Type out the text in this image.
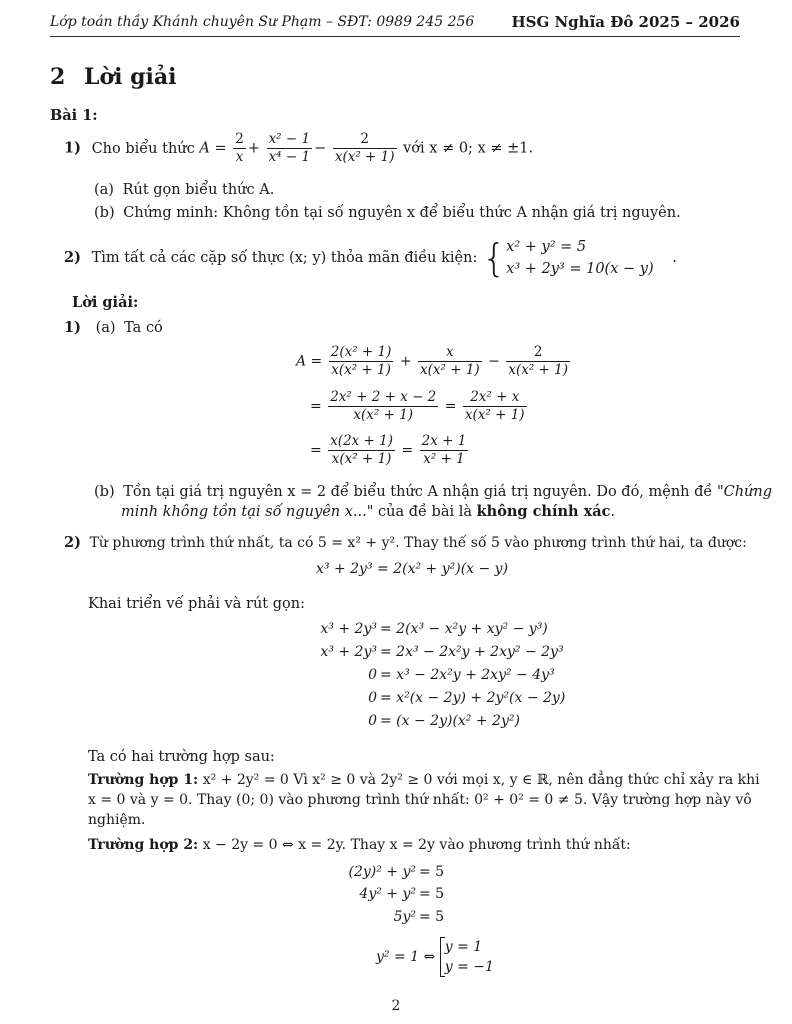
Lớp toán thầy Khánh chuyên Sư Phạm – SĐT: 0989 245 256 HSG Nghĩa Đô 2025 – 2026
2 Lời giải
Bài 1:
1) Cho biểu thức $A = \frac{2}{x} + \frac{\text{x² − 1}}{\text{x⁴ − 1}} - \frac{2}{\text{x(x² + 1)}}$ với x ≠ 0; x ≠ ±1.
(a) Rút gọn biểu thức A.
(b) Chứng minh: Không tồn tại số nguyên x để biểu thức A nhận giá trị nguyên.
2) Tìm tất cả các cặp số thực (x; y) thỏa mãn điều kiện: { x² + y² = 5
x³ + 2y³ = 10(x − y)
.
Lời giải:
1) (a) Ta có
$A = \frac{\text{2(x² + 1)}}{\text{x(x² + 1)}} + \frac{x}{\text{x(x² + 1)}} - \frac{2}{\text{x(x² + 1)}}$
= $\frac{\text{2x² + 2 + x − 2}}{\text{x(x² + 1)}} = \frac{\text{2x² + x}}{\text{x(x² + 1)}}$
= $\frac{x(2x + 1)}{\text{x(x² + 1)}} = \frac{2x + 1}{\text{x² + 1}}$
(b) Tồn tại giá trị nguyên x = 2 để biểu thức A nhận giá trị nguyên. Do đó, mệnh đề "Chứng
minh không tồn tại số nguyên x..." của đề bài là không chính xác.
2) Từ phương trình thứ nhất, ta có 5 = x² + y². Thay thế số 5 vào phương trình thứ hai, ta được:
x³ + 2y³ = 2(x² + y²)(x − y)
Khai triển vế phải và rút gọn:
x³ + 2y³ = 2(x³ − x²y + xy² − y³)
x³ + 2y³ = 2x³ − 2x²y + 2xy² − 2y³
0 = x³ − 2x²y + 2xy² − 4y³
0 = x²(x − 2y) + 2y²(x − 2y)
0 = (x − 2y)(x² + 2y²)
Ta có hai trường hợp sau:
Trường hợp 1: x² + 2y² = 0 Vì x² ≥ 0 và 2y² ≥ 0 với mọi x, y ∈ ℝ, nên đẳng thức chỉ xảy ra khi
x = 0 và y = 0. Thay (0; 0) vào phương trình thứ nhất: 0² + 0² = 0 ≠ 5. Vậy trường hợp này vô
nghiệm.
Trường hợp 2: x − 2y = 0 ⇔ x = 2y. Thay x = 2y vào phương trình thứ nhất:
(2y)² + y² = 5
4y² + y² = 5
5y² = 5
y² = 1 ⇔
y = 1
y = −1
2
